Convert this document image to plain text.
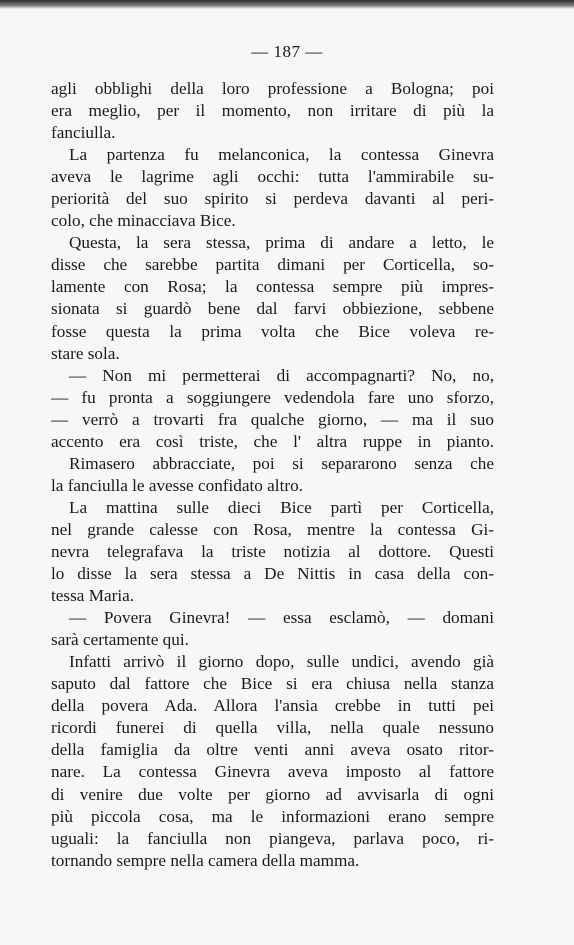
— 187 —
agli obblighi della loro professione a Bologna; poi
era meglio, per il momento, non irritare di più la
fanciulla.
La partenza fu melanconica, la contessa Ginevra
aveva le lagrime agli occhi: tutta l'ammirabile su-
periorità del suo spirito si perdeva davanti al peri-
colo, che minacciava Bice.
Questa, la sera stessa, prima di andare a letto, le
disse che sarebbe partita dimani per Corticella, so-
lamente con Rosa; la contessa sempre più impres-
sionata si guardò bene dal farvi obbiezione, sebbene
fosse questa la prima volta che Bice voleva re-
stare sola.
— Non mi permetterai di accompagnarti? No, no,
— fu pronta a soggiungere vedendola fare uno sforzo,
— verrò a trovarti fra qualche giorno, — ma il suo
accento era così triste, che l' altra ruppe in pianto.
Rimasero abbracciate, poi si separarono senza che
la fanciulla le avesse confidato altro.
La mattina sulle dieci Bice partì per Corticella,
nel grande calesse con Rosa, mentre la contessa Gi-
nevra telegrafava la triste notizia al dottore. Questi
lo disse la sera stessa a De Nittis in casa della con-
tessa Maria.
— Povera Ginevra! — essa esclamò, — domani
sarà certamente qui.
Infatti arrivò il giorno dopo, sulle undici, avendo già
saputo dal fattore che Bice si era chiusa nella stanza
della povera Ada. Allora l'ansia crebbe in tutti pei
ricordi funerei di quella villa, nella quale nessuno
della famiglia da oltre venti anni aveva osato ritor-
nare. La contessa Ginevra aveva imposto al fattore
di venire due volte per giorno ad avvisarla di ogni
più piccola cosa, ma le informazioni erano sempre
uguali: la fanciulla non piangeva, parlava poco, ri-
tornando sempre nella camera della mamma.
